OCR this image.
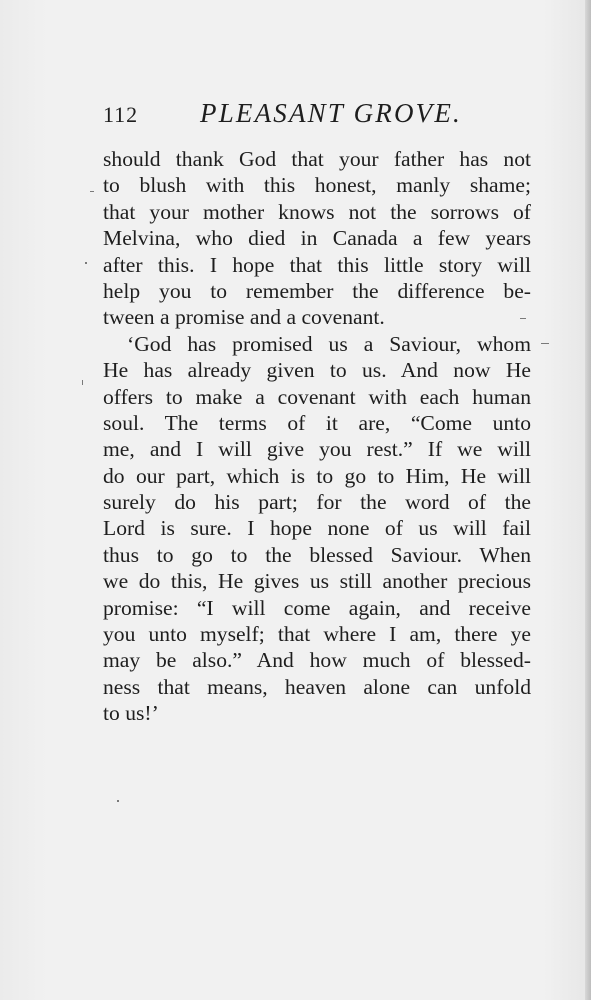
112 PLEASANT GROVE.
should thank God that your father has not
to blush with this honest, manly shame;
that your mother knows not the sorrows of
Melvina, who died in Canada a few years
after this. I hope that this little story will
help you to remember the difference be-
tween a promise and a covenant.
‘God has promised us a Saviour, whom
He has already given to us. And now He
offers to make a covenant with each human
soul. The terms of it are, “Come unto
me, and I will give you rest.” If we will
do our part, which is to go to Him, He will
surely do his part; for the word of the
Lord is sure. I hope none of us will fail
thus to go to the blessed Saviour. When
we do this, He gives us still another precious
promise: “I will come again, and receive
you unto myself; that where I am, there ye
may be also.” And how much of blessed-
ness that means, heaven alone can unfold
to us!’
